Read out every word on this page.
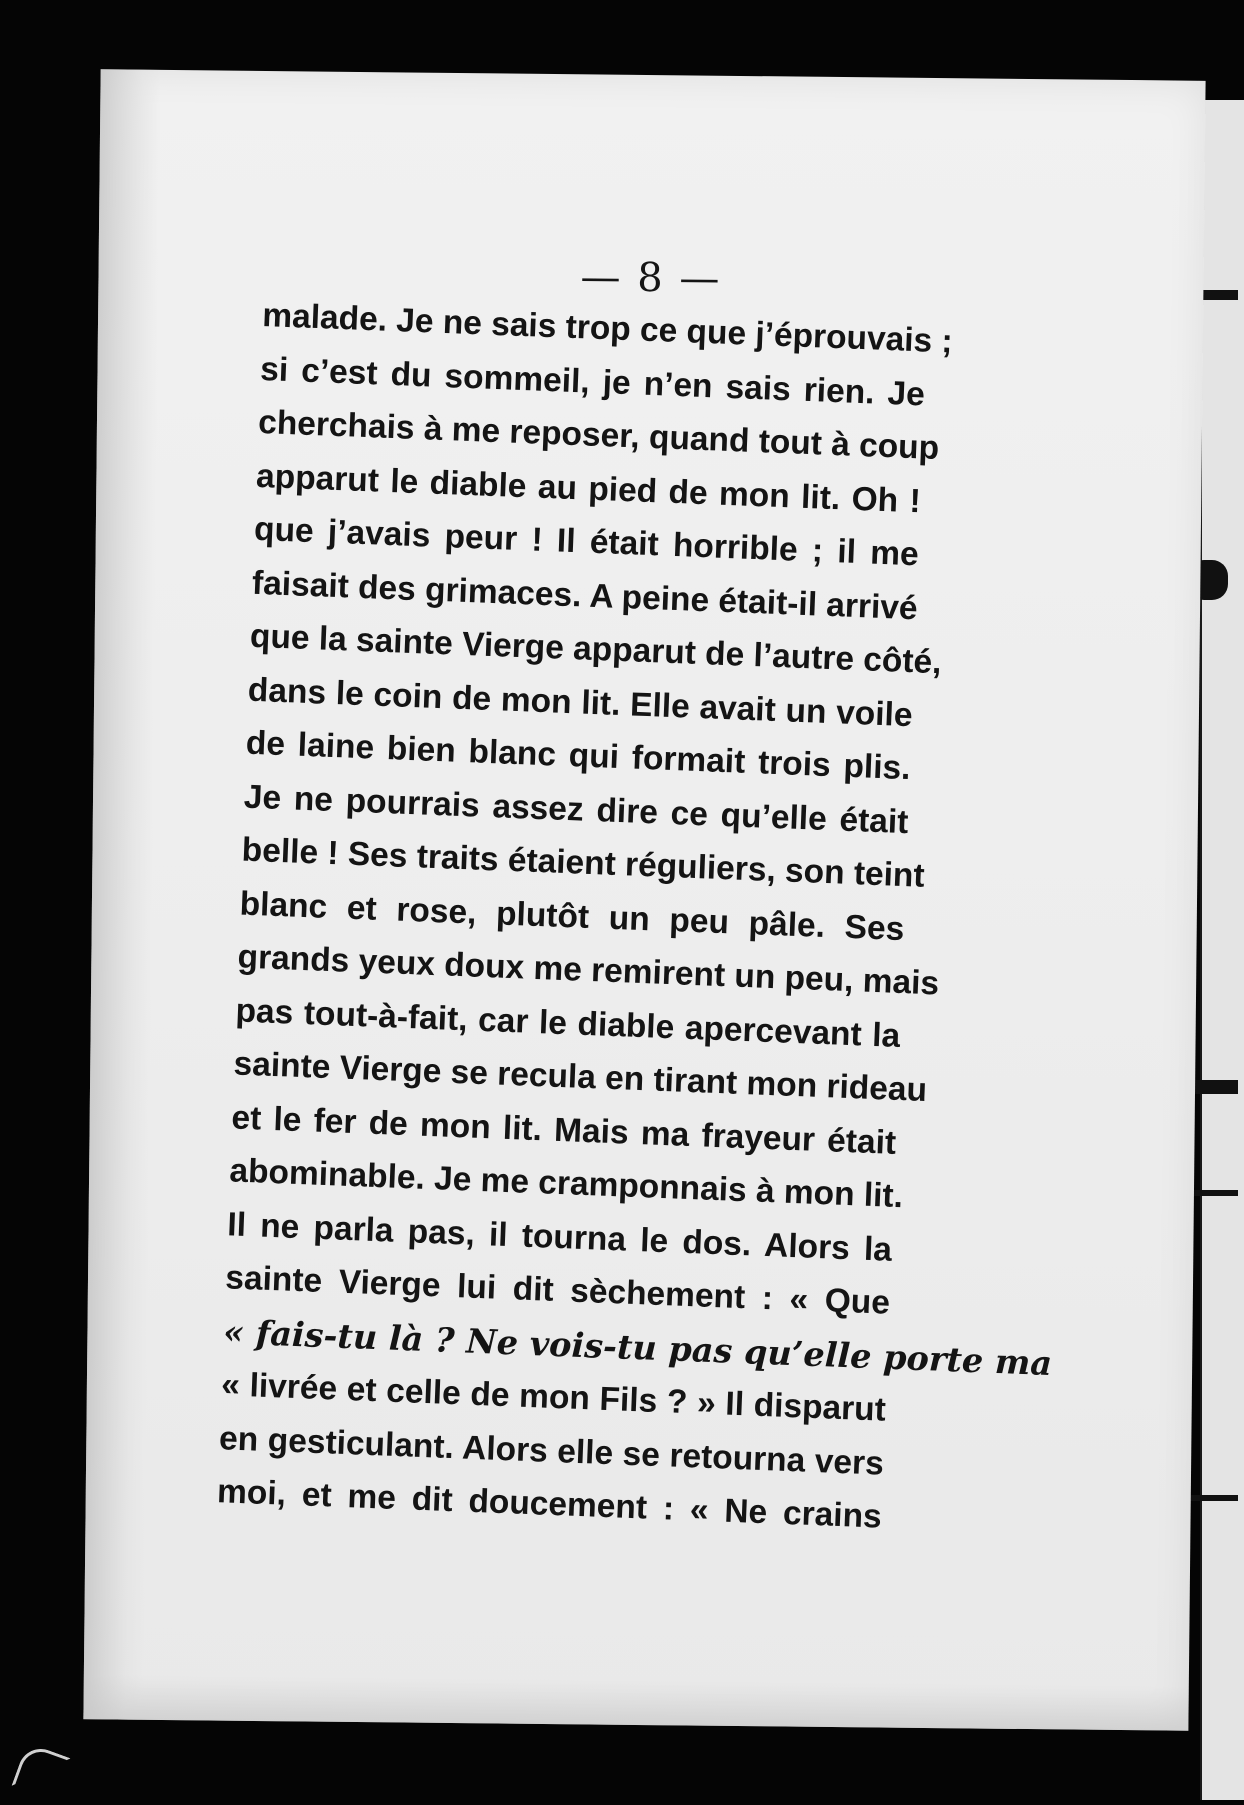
— 8 —
malade. Je ne sais trop ce que j’éprouvais ;
si c’est du sommeil, je n’en sais rien. Je
cherchais à me reposer, quand tout à coup
apparut le diable au pied de mon lit. Oh !
que j’avais peur ! Il était horrible ; il me
faisait des grimaces. A peine était-il arrivé
que la sainte Vierge apparut de l’autre côté,
dans le coin de mon lit. Elle avait un voile
de laine bien blanc qui formait trois plis.
Je ne pourrais assez dire ce qu’elle était
belle ! Ses traits étaient réguliers, son teint
blanc et rose, plutôt un peu pâle. Ses
grands yeux doux me remirent un peu, mais
pas tout-à-fait, car le diable apercevant la
sainte Vierge se recula en tirant mon rideau
et le fer de mon lit. Mais ma frayeur était
abominable. Je me cramponnais à mon lit.
Il ne parla pas, il tourna le dos. Alors la
sainte Vierge lui dit sèchement : « Que
« fais-tu là ? Ne vois-tu pas qu’elle porte ma
« livrée et celle de mon Fils ? » Il disparut
en gesticulant. Alors elle se retourna vers
moi, et me dit doucement : « Ne crains
